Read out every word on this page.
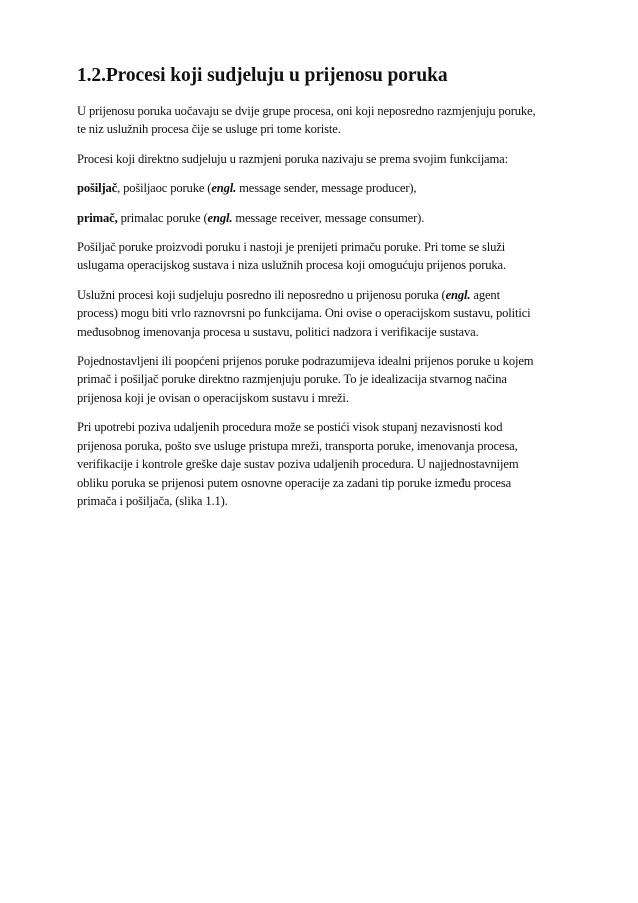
1.2.Procesi koji sudjeluju u prijenosu poruka

U prijenosu poruka uočavaju se dvije grupe procesa, oni koji neposredno razmjenjuju poruke,
te niz uslužnih procesa čije se usluge pri tome koriste.

Procesi koji direktno sudjeluju u razmjeni poruka nazivaju se prema svojim funkcijama:

pošiljač, pošiljaoc poruke (engl. message sender, message producer),

primač, primalac poruke (engl. message receiver, message consumer).

Pošiljač poruke proizvodi poruku i nastoji je prenijeti primaču poruke. Pri tome se služi
uslugama operacijskog sustava i niza uslužnih procesa koji omogućuju prijenos poruka.

Uslužni procesi koji sudjeluju posredno ili neposredno u prijenosu poruka (engl. agent
process) mogu biti vrlo raznovrsni po funkcijama. Oni ovise o operacijskom sustavu, politici
međusobnog imenovanja procesa u sustavu, politici nadzora i verifikacije sustava.

Pojednostavljeni ili poopćeni prijenos poruke podrazumijeva idealni prijenos poruke u kojem
primač i pošiljač poruke direktno razmjenjuju poruke. To je idealizacija stvarnog načina
prijenosa koji je ovisan o operacijskom sustavu i mreži.

Pri upotrebi poziva udaljenih procedura može se postići visok stupanj nezavisnosti kod
prijenosa poruka, pošto sve usluge pristupa mreži, transporta poruke, imenovanja procesa,
verifikacije i kontrole greške daje sustav poziva udaljenih procedura. U najjednostavnijem
obliku poruka se prijenosi putem osnovne operacije za zadani tip poruke između procesa
primača i pošiljača, (slika 1.1).
